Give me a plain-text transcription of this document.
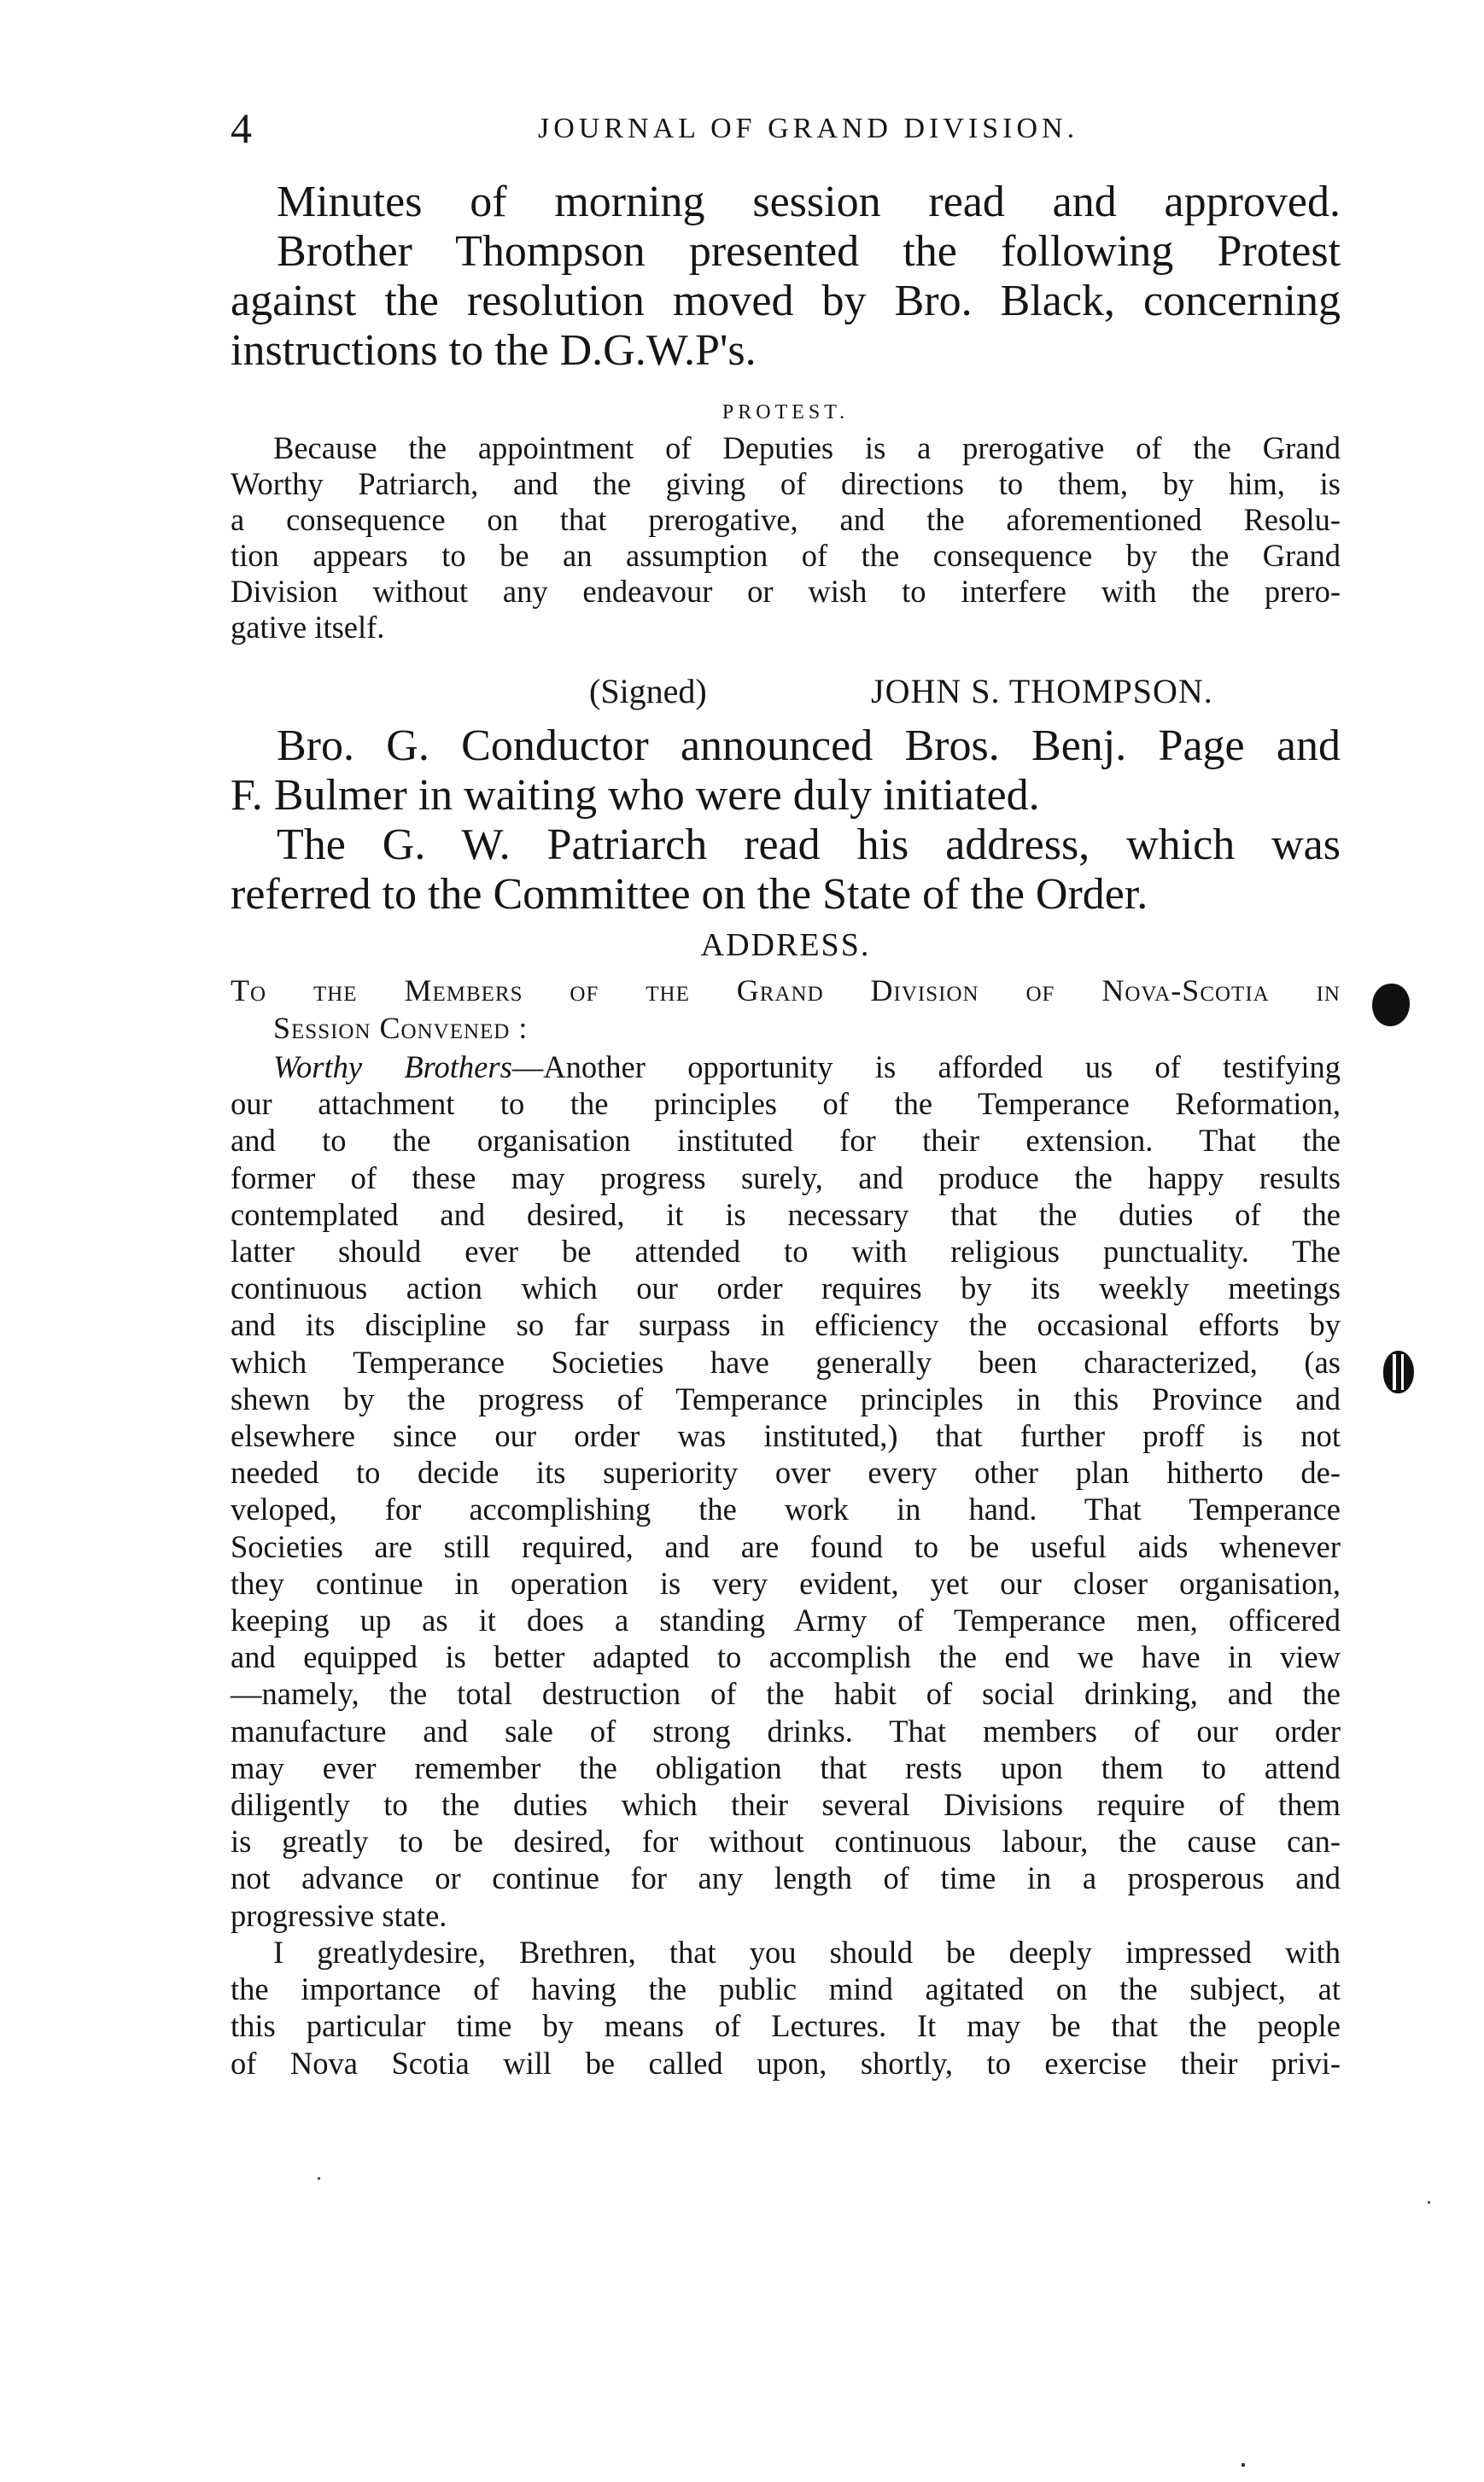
4	JOURNAL OF GRAND DIVISION.
Minutes of morning session read and approved.
Brother Thompson presented the following Protest
against the resolution moved by Bro. Black, concerning
instructions to the D.G.W.P's.
PROTEST.
Because the appointment of Deputies is a prerogative of the Grand
Worthy Patriarch, and the giving of directions to them, by him, is
a consequence on that prerogative, and the aforementioned Resolu-
tion appears to be an assumption of the consequence by the Grand
Division without any endeavour or wish to interfere with the prero-
gative itself.
(Signed)	JOHN S. THOMPSON.
Bro. G. Conductor announced Bros. Benj. Page and
F. Bulmer in waiting who were duly initiated.
The G. W. Patriarch read his address, which was
referred to the Committee on the State of the Order.
ADDRESS.
To the Members of the Grand Division of Nova-Scotia in
Session Convened :
Worthy Brothers—Another opportunity is afforded us of testifying
our attachment to the principles of the Temperance Reformation,
and to the organisation instituted for their extension. That the
former of these may progress surely, and produce the happy results
contemplated and desired, it is necessary that the duties of the
latter should ever be attended to with religious punctuality. The
continuous action which our order requires by its weekly meetings
and its discipline so far surpass in efficiency the occasional efforts by
which Temperance Societies have generally been characterized, (as
shewn by the progress of Temperance principles in this Province and
elsewhere since our order was instituted,) that further proff is not
needed to decide its superiority over every other plan hitherto de-
veloped, for accomplishing the work in hand. That Temperance
Societies are still required, and are found to be useful aids whenever
they continue in operation is very evident, yet our closer organisation,
keeping up as it does a standing Army of Temperance men, officered
and equipped is better adapted to accomplish the end we have in view
—namely, the total destruction of the habit of social drinking, and the
manufacture and sale of strong drinks. That members of our order
may ever remember the obligation that rests upon them to attend
diligently to the duties which their several Divisions require of them
is greatly to be desired, for without continuous labour, the cause can-
not advance or continue for any length of time in a prosperous and
progressive state.
I greatlydesire, Brethren, that you should be deeply impressed with
the importance of having the public mind agitated on the subject, at
this particular time by means of Lectures. It may be that the people
of Nova Scotia will be called upon, shortly, to exercise their privi-
